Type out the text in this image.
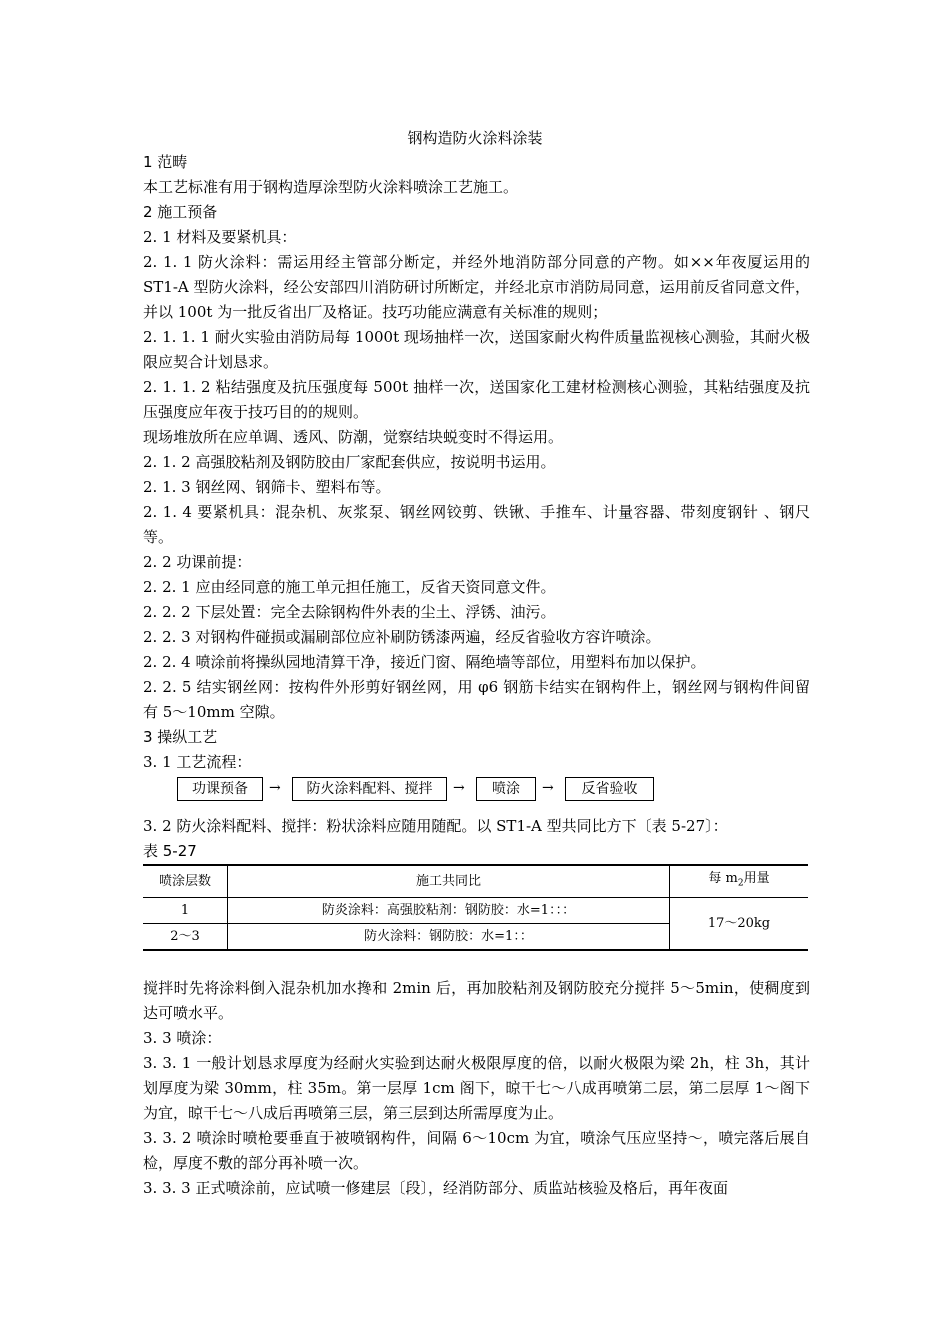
钢构造防火涂料涂装

1 范畴

本工艺标准有用于钢构造厚涂型防火涂料喷涂工艺施工。

2 施工预备

2. 1 材料及要紧机具：

2. 1. 1 防火涂料：需运用经主管部分断定，并经外地消防部分同意的产物。如××年夜厦运用的 ST1-A 型防火涂料，经公安部四川消防研讨所断定，并经北京市消防局同意，运用前反省同意文件，并以 100t 为一批反省出厂及格证。技巧功能应满意有关标准的规则；

2. 1. 1. 1 耐火实验由消防局每 1000t 现场抽样一次，送国家耐火构件质量监视核心测验，其耐火极限应契合计划恳求。

2. 1. 1. 2 粘结强度及抗压强度每 500t 抽样一次，送国家化工建材检测核心测验，其粘结强度及抗压强度应年夜于技巧目的的规则。

现场堆放所在应单调、透风、防潮，觉察结块蜕变时不得运用。

2. 1. 2 高强胶粘剂及钢防胶由厂家配套供应，按说明书运用。

2. 1. 3 钢丝网、钢筛卡、塑料布等。

2. 1. 4 要紧机具：混杂机、灰浆泵、钢丝网铰剪、铁锹、手推车、计量容器、带刻度钢针 、钢尺等。

2. 2 功课前提：

2. 2. 1 应由经同意的施工单元担任施工，反省天资同意文件。

2. 2. 2 下层处置：完全去除钢构件外表的尘土、浮锈、油污。

2. 2. 3 对钢构件碰损或漏刷部位应补刷防锈漆两遍，经反省验收方容许喷涂。

2. 2. 4 喷涂前将操纵园地清算干净，接近门窗、隔绝墙等部位，用塑料布加以保护。

2. 2. 5 结实钢丝网：按构件外形剪好钢丝网，用 φ6 钢筋卡结实在钢构件上，钢丝网与钢构件间留有 5～10mm 空隙。

3 操纵工艺

3. 1 工艺流程：

功课预备	→	防火涂料配料、搅拌	→	喷涂	→	反省验收

3. 2 防火涂料配料、搅拌：粉状涂料应随用随配。以 ST1-A 型共同比方下〔表 5-27〕：

表 5-27

喷涂层数	施工共同比	每 $m_2$用量
1	防炎涂料：高强胶粘剂：钢防胶：水=1：：：	17～20kg
2～3	防火涂料：钢防胶：水=1：：	

搅拌时先将涂料倒入混杂机加水搀和 2min 后，再加胶粘剂及钢防胶充分搅拌 5～5min，使稠度到达可喷水平。

3. 3 喷涂：

3. 3. 1 一般计划恳求厚度为经耐火实验到达耐火极限厚度的倍，以耐火极限为梁 2h，柱 3h，其计划厚度为梁 30mm，柱 35m。第一层厚 1cm 阁下，晾干七～八成再喷第二层，第二层厚 1～阁下为宜，晾干七～八成后再喷第三层，第三层到达所需厚度为止。

3. 3. 2 喷涂时喷枪要垂直于被喷钢构件，间隔 6～10cm 为宜，喷涂气压应坚持～，喷完落后展自检，厚度不敷的部分再补喷一次。

3. 3. 3 正式喷涂前，应试喷一修建层〔段〕，经消防部分、质监站核验及格后，再年夜面
